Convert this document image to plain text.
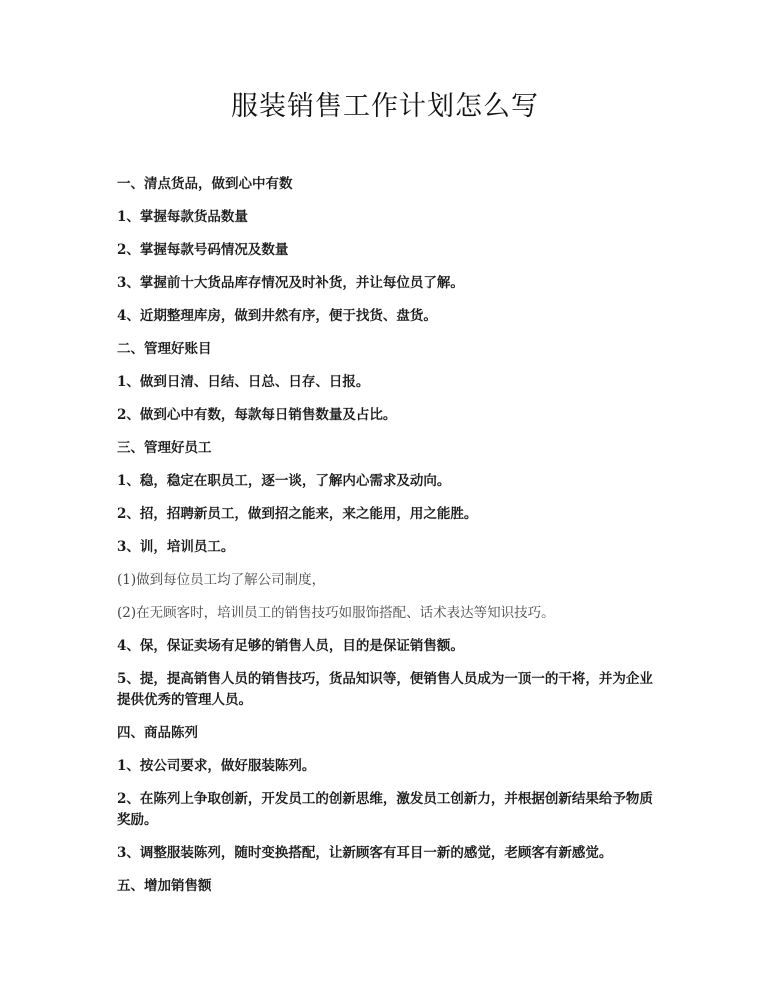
服装销售工作计划怎么写

一、清点货品，做到心中有数

1、掌握每款货品数量

2、掌握每款号码情况及数量

3、掌握前十大货品库存情况及时补货，并让每位员了解。

4、近期整理库房，做到井然有序，便于找货、盘货。

二、管理好账目

1、做到日清、日结、日总、日存、日报。

2、做到心中有数，每款每日销售数量及占比。

三、管理好员工

1、稳，稳定在职员工，逐一谈，了解内心需求及动向。

2、招，招聘新员工，做到招之能来，来之能用，用之能胜。

3、训，培训员工。

(1)做到每位员工均了解公司制度，

(2)在无顾客时，培训员工的销售技巧如服饰搭配、话术表达等知识技巧。

4、保，保证卖场有足够的销售人员，目的是保证销售额。

5、提，提高销售人员的销售技巧，货品知识等，便销售人员成为一顶一的干将，并为企业提供优秀的管理人员。

四、商品陈列

1、按公司要求，做好服装陈列。

2、在陈列上争取创新，开发员工的创新思维，激发员工创新力，并根据创新结果给予物质奖励。

3、调整服装陈列，随时变换搭配，让新顾客有耳目一新的感觉，老顾客有新感觉。

五、增加销售额
